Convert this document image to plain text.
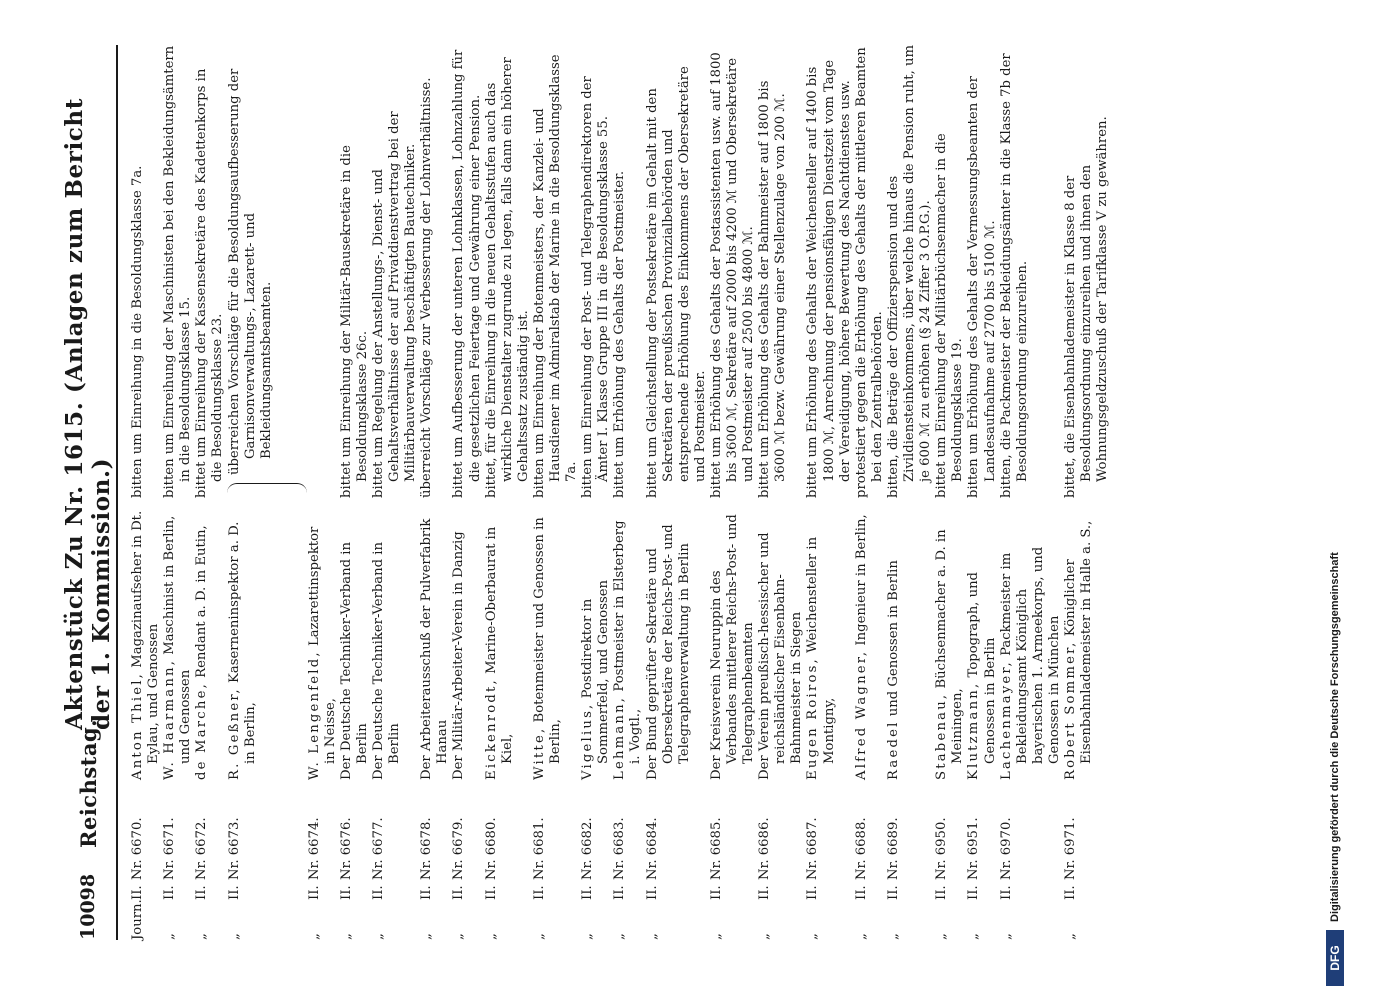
10098
Reichstag.
Aktenstück Zu Nr. 1615. (Anlagen zum Bericht der 1. Kommission.)
Journ.
II.
Nr. 6670.
Anton Thiel, Magazinaufseher in Dt. Eylau, und Genossen
bitten um Einreihung in die Besoldungsklasse 7a.
„
II.
Nr. 6671.
W. Haarmann, Maschinist in Berlin, und Genossen
bitten um Einreihung der Maschinisten bei den Bekleidungsämtern in die Besoldungsklasse 15.
„
II.
Nr. 6672.
de Marche, Rendant a. D. in Eutin,
bittet um Einreihung der Kassensekretäre des Kadettenkorps in die Besoldungsklasse 23.
„
II.
Nr. 6673.
R. Geßner, Kaserneninspektor a. D. in Berlin,
überreichen Vorschläge für die Besoldungsaufbesserung der Garnisonverwaltungs-, Lazarett- und Bekleidungsamtsbeamten.
„
II.
Nr. 6674.
W. Lengenfeld, Lazarettinspektor in Neisse,
„
II.
Nr. 6676.
Der Deutsche Techniker-Verband in Berlin
bittet um Einreihung der Militär-Bausekretäre in die Besoldungsklasse 26c.
„
II.
Nr. 6677.
Der Deutsche Techniker-Verband in Berlin
bittet um Regelung der Anstellungs-, Dienst- und Gehaltsverhältnisse der auf Privatdienstvertrag bei der Militärbauverwaltung beschäftigten Bautechniker.
„
II.
Nr. 6678.
Der Arbeiterausschuß der Pulverfabrik Hanau
überreicht Vorschläge zur Verbesserung der Lohnverhältnisse.
„
II.
Nr. 6679.
Der Militär-Arbeiter-Verein in Danzig
bittet um Aufbesserung der unteren Lohnklassen, Lohnzahlung für die gesetzlichen Feiertage und Gewährung einer Pension.
„
II.
Nr. 6680.
Eickenrodt, Marine-Oberbaurat in Kiel,
bittet, für die Einreihung in die neuen Gehaltsstufen auch das wirkliche Dienstalter zugrunde zu legen, falls dann ein höherer Gehaltssatz zuständig ist.
„
II.
Nr. 6681.
Witte, Botenmeister und Genossen in Berlin,
bitten um Einreihung der Botenmeisters, der Kanzlei- und Hausdiener im Admiralstab der Marine in die Besoldungsklasse 7a.
„
II.
Nr. 6682.
Vigelius, Postdirektor in Sommerfeld, und Genossen
bitten um Einreihung der Post- und Telegraphendirektoren der Ämter I. Klasse Gruppe III in die Besoldungsklasse 55.
„
II.
Nr. 6683.
Lehmann, Postmeister in Elsterberg i. Vogtl.,
bittet um Erhöhung des Gehalts der Postmeister.
„
II.
Nr. 6684.
Der Bund geprüfter Sekretäre und Obersekretäre der Reichs-Post- und Telegraphenverwaltung in Berlin
bittet um Gleichstellung der Postsekretäre im Gehalt mit den Sekretären der preußischen Provinzialbehörden und entsprechende Erhöhung des Einkommens der Obersekretäre und Postmeister.
„
II.
Nr. 6685.
Der Kreisverein Neuruppin des Verbandes mittlerer Reichs-Post- und Telegraphenbeamten
bittet um Erhöhung des Gehalts der Postassistenten usw. auf 1800 bis 3600 ℳ, Sekretäre auf 2000 bis 4200 ℳ und Obersekretäre und Postmeister auf 2500 bis 4800 ℳ.
„
II.
Nr. 6686.
Der Verein preußisch-hessischer und reichsländischer Eisenbahn-Bahnmeister in Siegen
bittet um Erhöhung des Gehalts der Bahnmeister auf 1800 bis 3600 ℳ bezw. Gewährung einer Stellenzulage von 200 ℳ.
„
II.
Nr. 6687.
Eugen Roiros, Weichensteller in Montigny,
bittet um Erhöhung des Gehalts der Weichensteller auf 1400 bis 1800 ℳ, Anrechnung der pensionsfähigen Dienstzeit vom Tage der Vereidigung, höhere Bewertung des Nachtdienstes usw.
„
II.
Nr. 6688.
Alfred Wagner, Ingenieur in Berlin,
protestiert gegen die Erhöhung des Gehalts der mittleren Beamten bei den Zentralbehörden.
„
II.
Nr. 6689.
Raedel und Genossen in Berlin
bitten, die Beträge der Offizierspension und des Zivildiensteinkommens, über welche hinaus die Pension ruht, um je 600 ℳ zu erhöhen (§ 24 Ziffer 3 O.P.G.).
„
II.
Nr. 6950.
Stabenau, Büchsenmacher a. D. in Meiningen,
bittet um Einreihung der Militärbüchsenmacher in die Besoldungsklasse 19.
„
II.
Nr. 6951.
Klutzmann, Topograph, und Genossen in Berlin
bitten um Erhöhung des Gehalts der Vermessungsbeamten der Landesaufnahme auf 2700 bis 5100 ℳ.
„
II.
Nr. 6970.
Lachenmayer, Packmeister im Bekleidungsamt Königlich bayerischen 1. Armeekorps, und Genossen in München
bitten, die Packmeister der Bekleidungsämter in die Klasse 7b der Besoldungsordnung einzureihen.
„
II.
Nr. 6971.
Robert Sommer, Königlicher Eisenbahnlademeister in Halle a. S.,
bittet, die Eisenbahnlademeister in Klasse 8 der Besoldungsordnung einzureihen und ihnen den Wohnungsgeldzuschuß der Tarifklasse V zu gewähren.
DFG
Digitalisierung gefördert durch die Deutsche Forschungsgemeinschaft
